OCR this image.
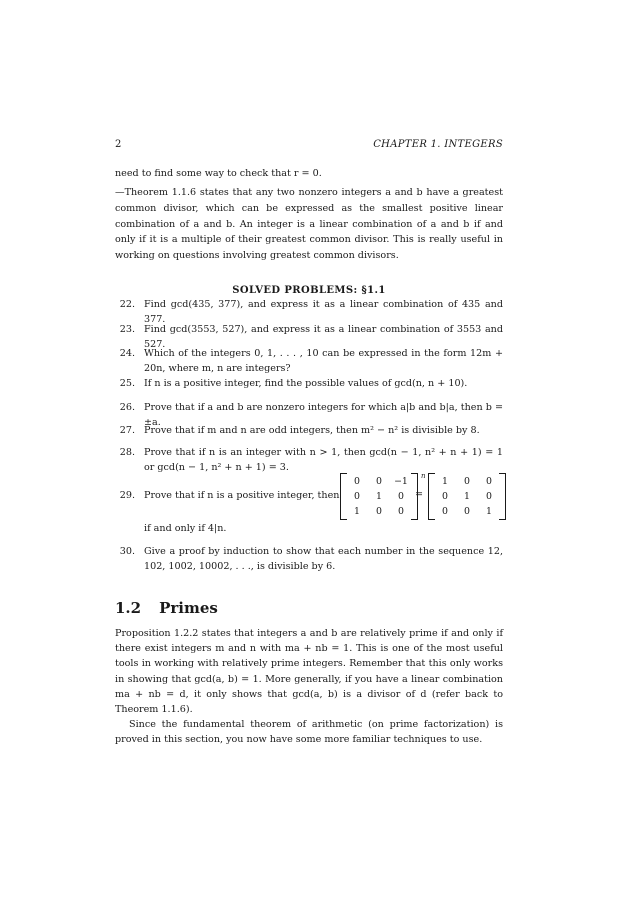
2	CHAPTER 1. INTEGERS
need to find some way to check that r = 0.
—Theorem 1.1.6 states that any two nonzero integers a and b have a greatest common divisor, which can be expressed as the smallest positive linear combination of a and b. An integer is a linear combination of a and b if and only if it is a multiple of their greatest common divisor. This is really useful in working on questions involving greatest common divisors.
SOLVED PROBLEMS: §1.1
22. Find gcd(435, 377), and express it as a linear combination of 435 and 377.
23. Find gcd(3553, 527), and express it as a linear combination of 3553 and 527.
24. Which of the integers 0, 1, . . . , 10 can be expressed in the form 12m + 20n, where m, n are integers?
25. If n is a positive integer, find the possible values of gcd(n, n + 10).
26. Prove that if a and b are nonzero integers for which a|b and b|a, then b = ±a.
27. Prove that if m and n are odd integers, then m² − n² is divisible by 8.
28. Prove that if n is an integer with n > 1, then gcd(n − 1, n² + n + 1) = 1 or gcd(n − 1, n² + n + 1) = 3.
29. Prove that if n is a positive integer, then
0	0	−1
0	1	0
1	0	0
n
=
1	0	0
0	1	0
0	0	1
if and only if 4|n.
30. Give a proof by induction to show that each number in the sequence 12, 102, 1002, 10002, . . ., is divisible by 6.
1.2 Primes
Proposition 1.2.2 states that integers a and b are relatively prime if and only if there exist integers m and n with ma + nb = 1. This is one of the most useful tools in working with relatively prime integers. Remember that this only works in showing that gcd(a, b) = 1. More generally, if you have a linear combination ma + nb = d, it only shows that gcd(a, b) is a divisor of d (refer back to Theorem 1.1.6).
Since the fundamental theorem of arithmetic (on prime factorization) is proved in this section, you now have some more familiar techniques to use.
